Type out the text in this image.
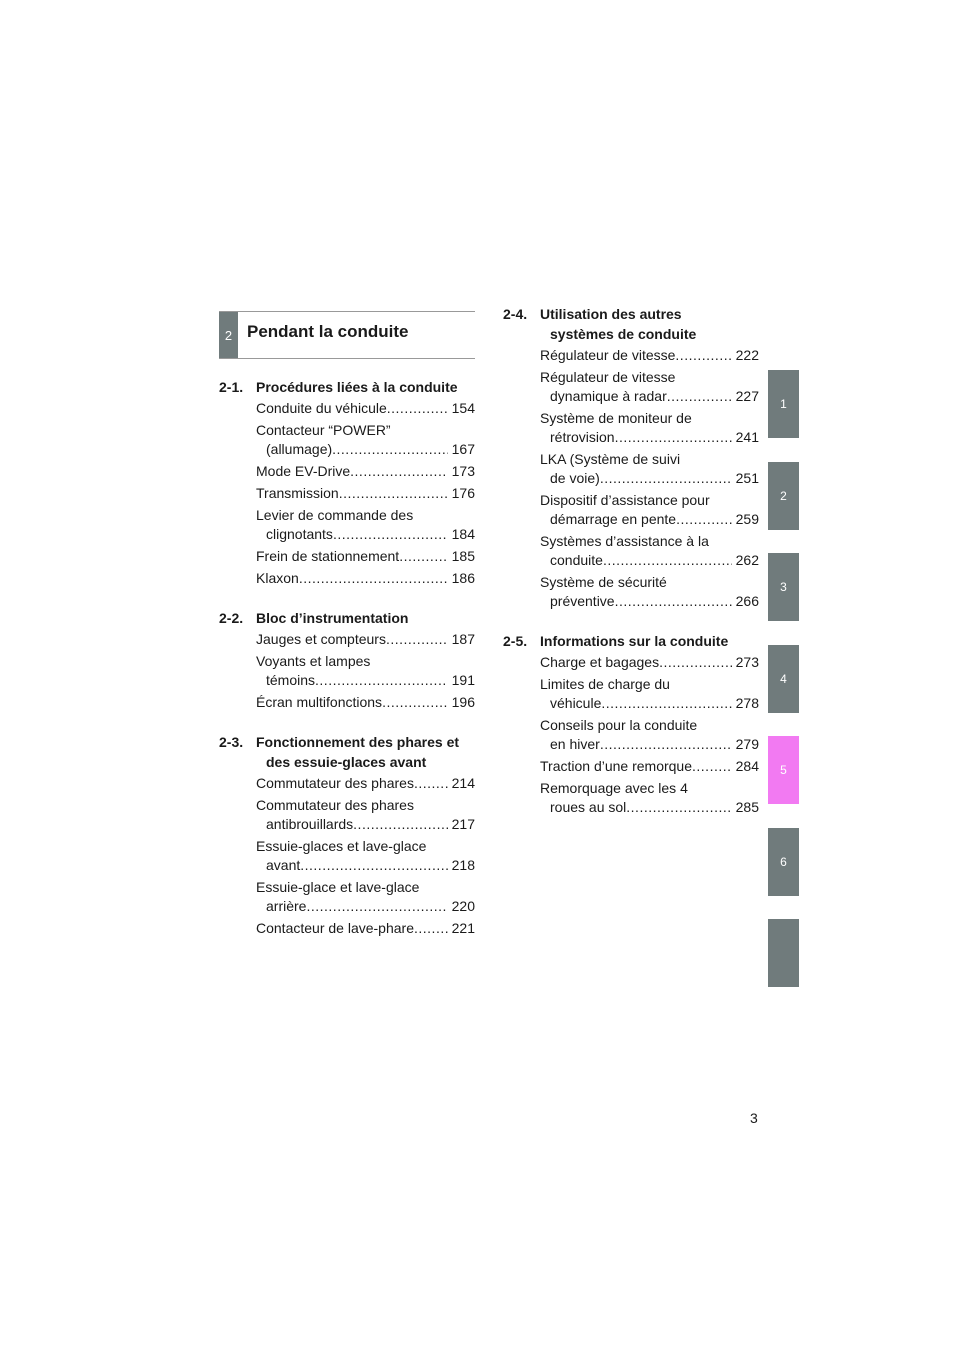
2 Pendant la conduite
2-1. Procédures liées à la conduite
Conduite du véhicule .....	154
Contacteur “POWER”
(allumage) .....	167
Mode EV-Drive .....	173
Transmission .....	176
Levier de commande des
clignotants .....	184
Frein de stationnement .....	185
Klaxon .....	186
2-2. Bloc d’instrumentation
Jauges et compteurs .....	187
Voyants et lampes
témoins .....	191
Écran multifonctions .....	196
2-3. Fonctionnement des phares et
des essuie-glaces avant
Commutateur des phares .....	214
Commutateur des phares
antibrouillards .....	217
Essuie-glaces et lave-glace
avant .....	218
Essuie-glace et lave-glace
arrière .....	220
Contacteur de lave-phare .....	221
2-4. Utilisation des autres
systèmes de conduite
Régulateur de vitesse .....	222
Régulateur de vitesse
dynamique à radar .....	227
Système de moniteur de
rétrovision .....	241
LKA (Système de suivi
de voie) .....	251
Dispositif d’assistance pour
démarrage en pente .....	259
Systèmes d’assistance à la
conduite .....	262
Système de sécurité
préventive .....	266
2-5. Informations sur la conduite
Charge et bagages .....	273
Limites de charge du
véhicule .....	278
Conseils pour la conduite
en hiver .....	279
Traction d’une remorque .....	284
Remorquage avec les 4
roues au sol .....	285
1
2
3
4
5
6
3
